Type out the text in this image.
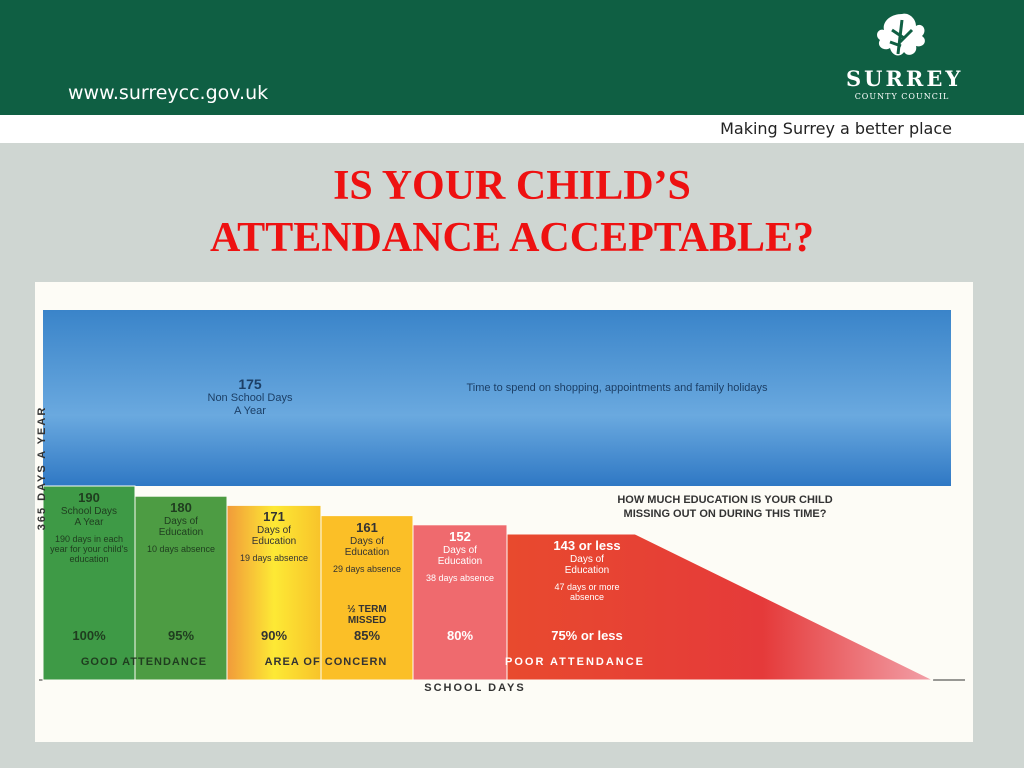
www.surreycc.gov.uk
SURREY
COUNTY COUNCIL
Making Surrey a better place
IS YOUR CHILD’S
ATTENDANCE ACCEPTABLE?
365 DAYS A YEAR
175
Non School Days
A Year
Time to spend on shopping, appointments and family holidays
HOW MUCH EDUCATION IS YOUR CHILD
MISSING OUT ON DURING THIS TIME?
GOOD ATTENDANCE	AREA OF CONCERN	POOR ATTENDANCE
SCHOOL DAYS
190
School Days
A Year
190 days in each year for your child's education
100%
180
Days of
Education
10 days absence
95%
171
Days of
Education
19 days absence
90%
161
Days of
Education
29 days absence
½ TERM MISSED
85%
152
Days of
Education
38 days absence
80%
143 or less
Days of
Education
47 days or more absence
75% or less
